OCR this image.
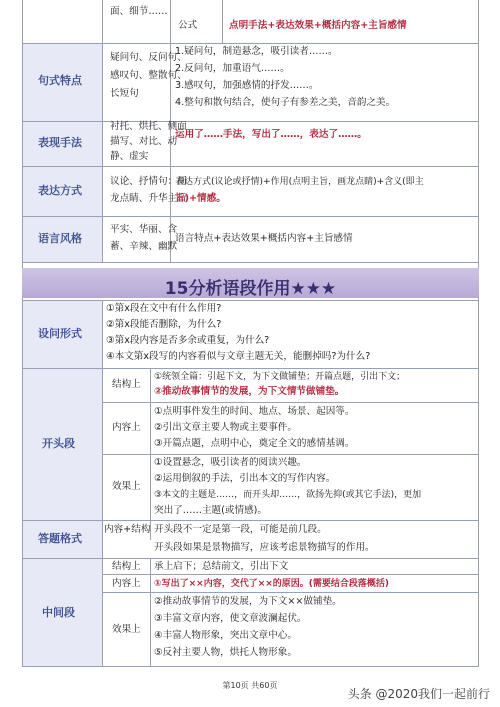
面、细节……
公式	点明手法+表达效果+概括内容+主旨感情
句式特点
疑问句、反问句、
感叹句、整散句、
长短句
1.疑问句，制造悬念，吸引读者……。
2.反问句，加重语气……。
3.感叹句，加强感情的抒发……。
4.整句和散句结合，使句子有参差之美，音韵之美。
表现手法
衬托、烘托、侧面
描写、对比、动
静、虚实
运用了……手法，写出了……，表达了……。
表达方式
议论、抒情句：画
龙点睛、升华主旨
表达方式(议论或抒情)+作用(点明主旨，画龙点睛)+含义(即主
旨)+情感。
语言风格
平实、华丽、含
蓄、辛辣、幽默
语言特点+表达效果+概括内容+主旨感情
15分析语段作用★★★
设问形式
①第x段在文中有什么作用?
②第x段能否删除，为什么?
③第x段内容是否多余或重复，为什么?
④本文第x段写的内容看似与文章主题无关，能删掉吗?为什么?
开头段
结构上
①统领全篇：引起下文，为下文做铺垫；开篇点题，引出下文；
②推动故事情节的发展，为下文情节做铺垫。
内容上
①点明事件发生的时间、地点、场景、起因等。
②引出文章主要人物或主要事件。
③开篇点题，点明中心，奠定全文的感情基调。
效果上
①设置悬念，吸引读者的阅读兴趣。
②运用倒叙的手法，引出本文的写作内容。
③本文的主题是……，而开头却……，欲扬先抑(或其它手法)，更加
突出了……主题(或情感)。
答题格式
内容+结构 开头段不一定是第一段，可能是前几段。
开头段如果是景物描写，应该考虑景物描写的作用。
中间段
结构上 承上启下；总结前文，引出下文
内容上 ①写出了××内容，交代了××的原因。(需要结合段落概括)
效果上
②推动故事情节的发展，为下文××做铺垫。
③丰富文章内容，使文章波澜起伏。
④丰富人物形象，突出文章中心。
⑤反衬主要人物，烘托人物形象。
第10页 共60页
头条 @2020我们一起前行
